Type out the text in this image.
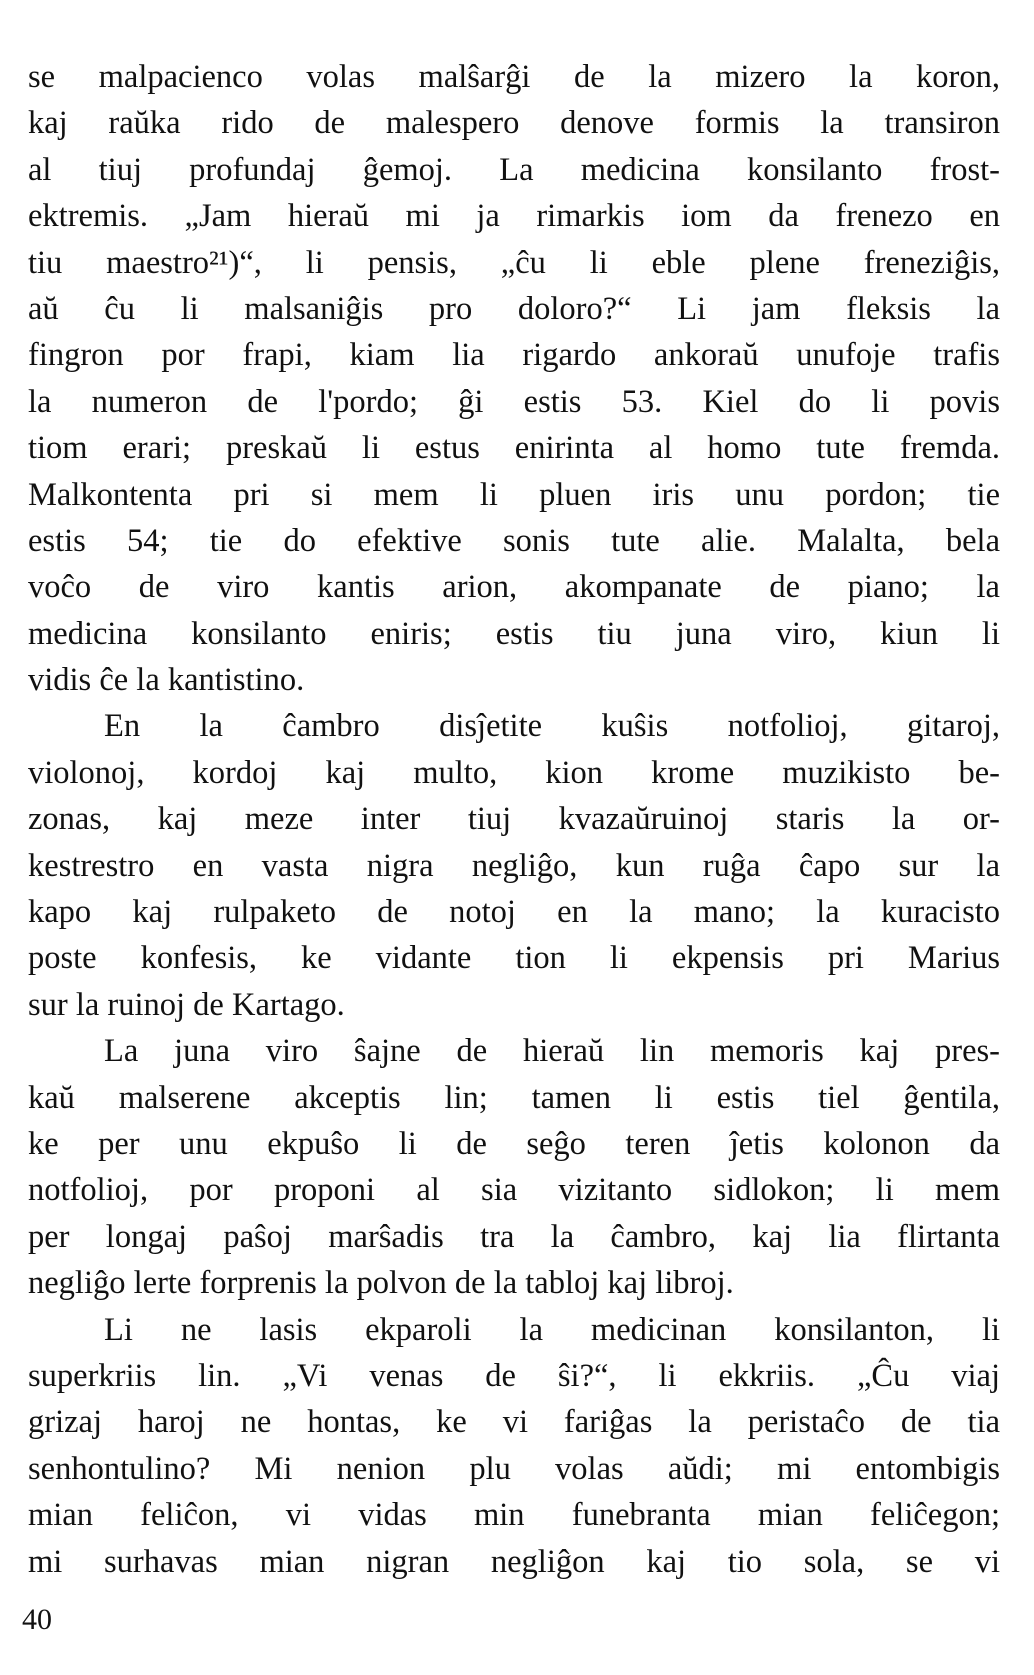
se malpacienco volas malŝarĝi de la mizero la koron,
kaj raŭka rido de malespero denove formis la transiron
al tiuj profundaj ĝemoj. La medicina konsilanto frost-
ektremis. „Jam hieraŭ mi ja rimarkis iom da frenezo en
tiu maestro²¹)“, li pensis, „ĉu li eble plene freneziĝis,
aŭ ĉu li malsaniĝis pro doloro?“ Li jam fleksis la
fingron por frapi, kiam lia rigardo ankoraŭ unufoje trafis
la numeron de l'pordo; ĝi estis 53. Kiel do li povis
tiom erari; preskaŭ li estus enirinta al homo tute fremda.
Malkontenta pri si mem li pluen iris unu pordon; tie
estis 54; tie do efektive sonis tute alie. Malalta, bela
voĉo de viro kantis arion, akompanate de piano; la
medicina konsilanto eniris; estis tiu juna viro, kiun li
vidis ĉe la kantistino.
En la ĉambro disĵetite kuŝis notfolioj, gitaroj,
violonoj, kordoj kaj multo, kion krome muzikisto be-
zonas, kaj meze inter tiuj kvazaŭruinoj staris la or-
kestrestro en vasta nigra negliĝo, kun ruĝa ĉapo sur la
kapo kaj rulpaketo de notoj en la mano; la kuracisto
poste konfesis, ke vidante tion li ekpensis pri Marius
sur la ruinoj de Kartago.
La juna viro ŝajne de hieraŭ lin memoris kaj pres-
kaŭ malserene akceptis lin; tamen li estis tiel ĝentila,
ke per unu ekpuŝo li de seĝo teren ĵetis kolonon da
notfolioj, por proponi al sia vizitanto sidlokon; li mem
per longaj paŝoj marŝadis tra la ĉambro, kaj lia flirtanta
negliĝo lerte forprenis la polvon de la tabloj kaj libroj.
Li ne lasis ekparoli la medicinan konsilanton, li
superkriis lin. „Vi venas de ŝi?“, li ekkriis. „Ĉu viaj
grizaj haroj ne hontas, ke vi fariĝas la peristaĉo de tia
senhontulino? Mi nenion plu volas aŭdi; mi entombigis
mian feliĉon, vi vidas min funebranta mian feliĉegon;
mi surhavas mian nigran negliĝon kaj tio sola, se vi
40
